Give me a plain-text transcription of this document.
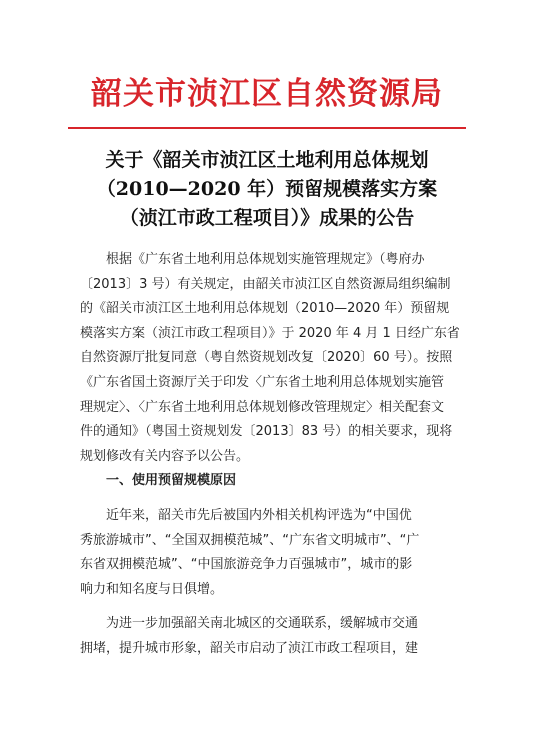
韶关市浈江区自然资源局
关于《韶关市浈江区土地利用总体规划
（2010—2020 年）预留规模落实方案
（浈江市政工程项目）》成果的公告
根据《广东省土地利用总体规划实施管理规定》（粤府办
〔2013〕3 号）有关规定，由韶关市浈江区自然资源局组织编制
的《韶关市浈江区土地利用总体规划（2010—2020 年）预留规
模落实方案（浈江市政工程项目）》于 2020 年 4 月 1 日经广东省
自然资源厅批复同意（粤自然资规划改复〔2020〕60 号）。按照
《广东省国土资源厅关于印发〈广东省土地利用总体规划实施管
理规定〉、〈广东省土地利用总体规划修改管理规定〉相关配套文
件的通知》（粤国土资规划发〔2013〕83 号）的相关要求，现将
规划修改有关内容予以公告。
一、使用预留规模原因
近年来，韶关市先后被国内外相关机构评选为“中国优
秀旅游城市”、“全国双拥模范城”、“广东省文明城市”、“广
东省双拥模范城”、“中国旅游竞争力百强城市”，城市的影
响力和知名度与日俱增。
为进一步加强韶关南北城区的交通联系，缓解城市交通
拥堵，提升城市形象，韶关市启动了浈江市政工程项目，建
